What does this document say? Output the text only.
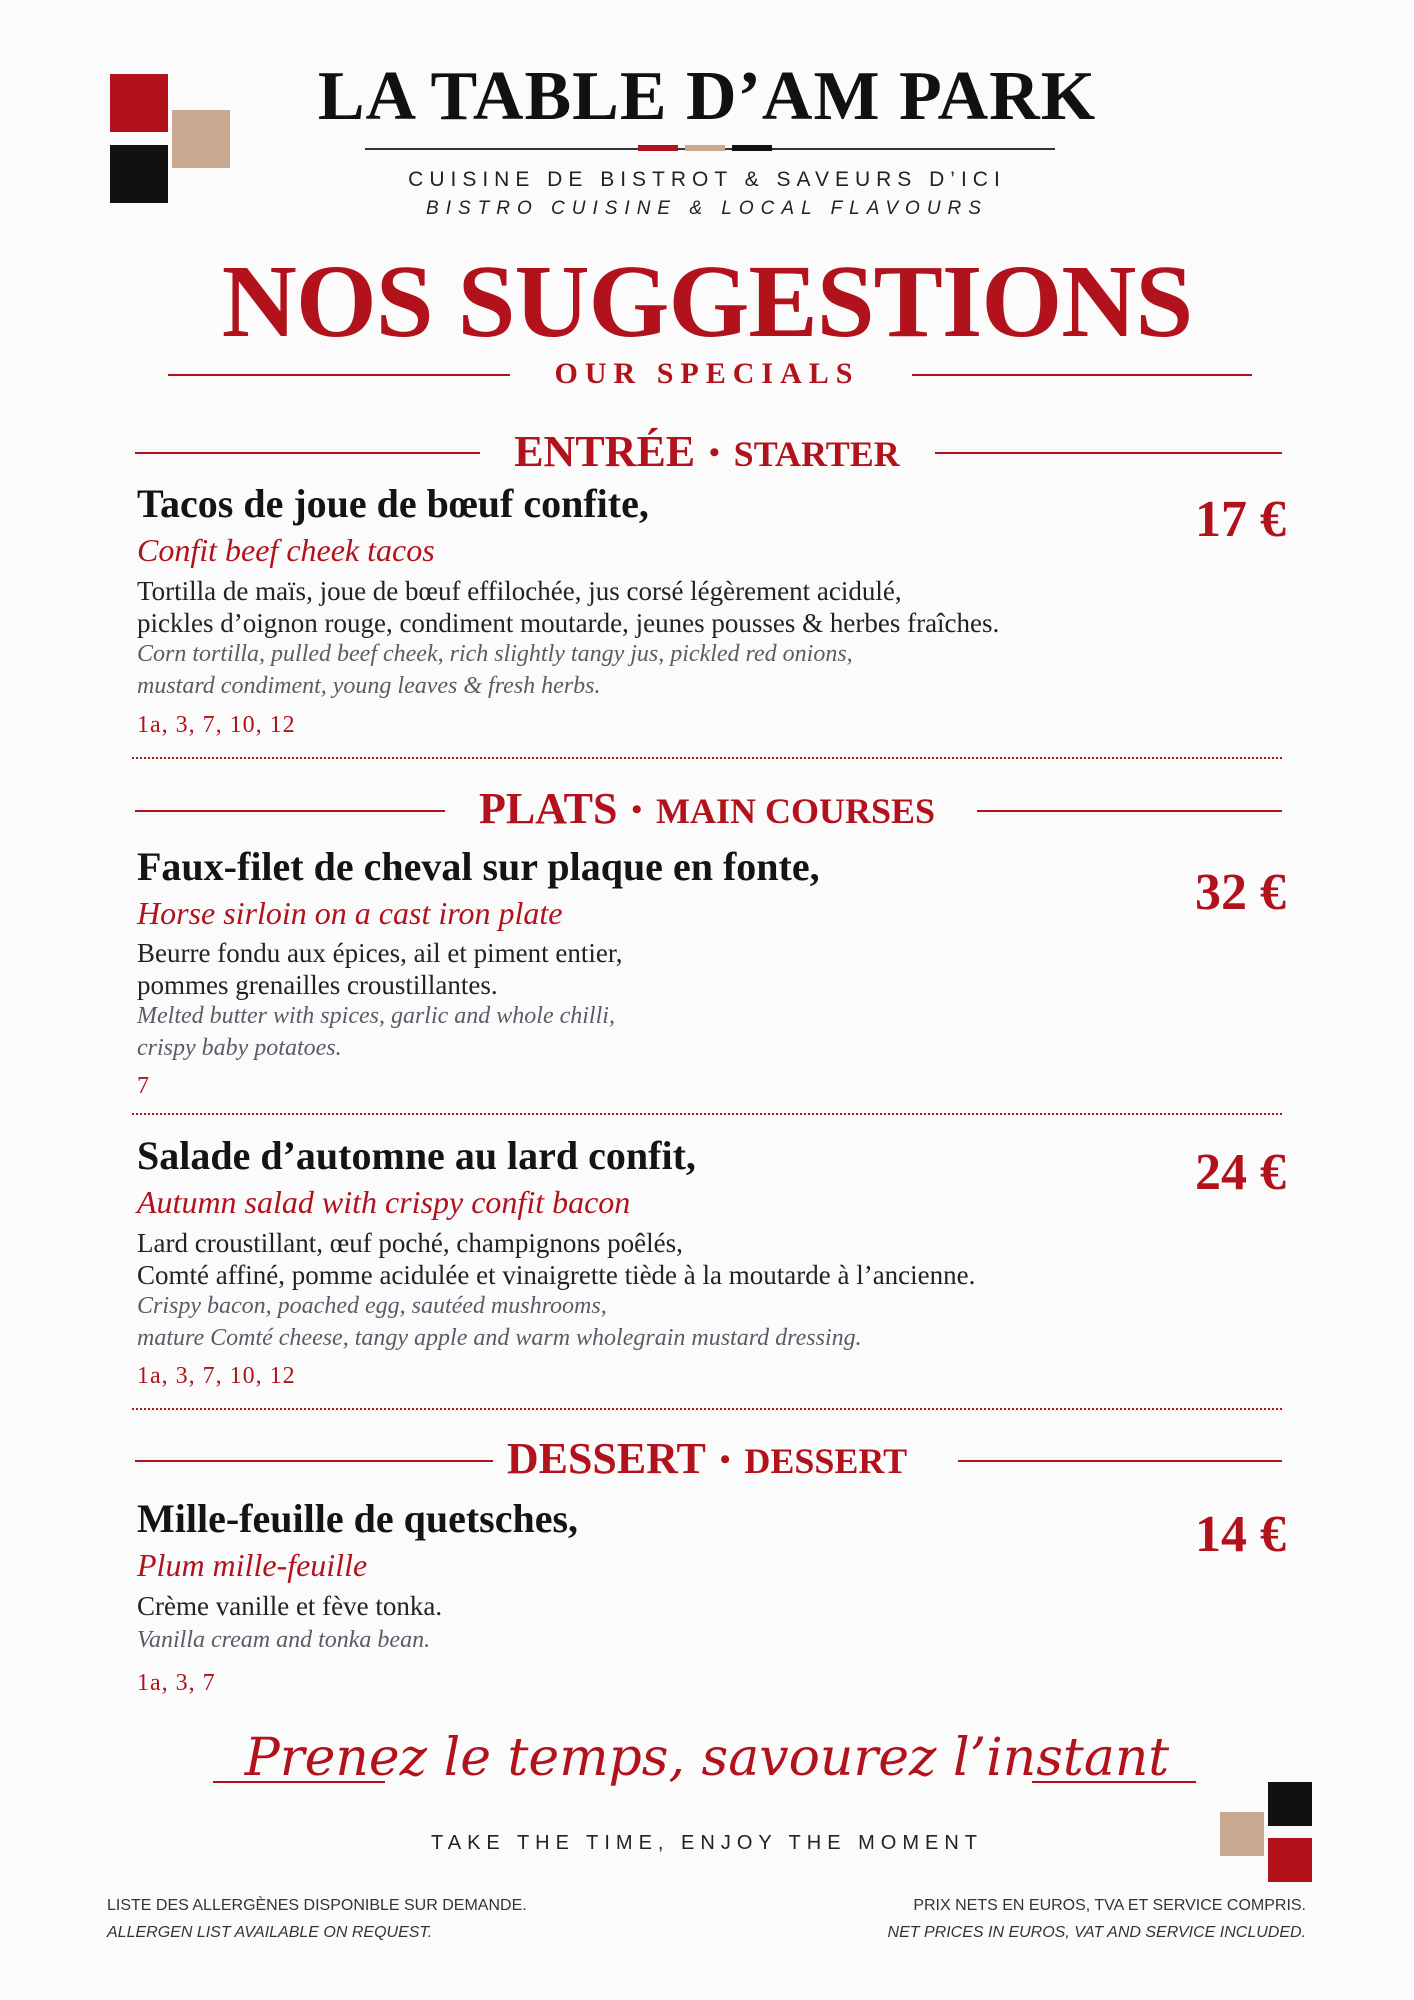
LA TABLE D’AM PARK
CUISINE DE BISTROT & SAVEURS D’ICI
BISTRO CUISINE & LOCAL FLAVOURS
NOS SUGGESTIONS
OUR SPECIALS
ENTRÉE • STARTER
Tacos de joue de bœuf confite,	17 €
Confit beef cheek tacos
Tortilla de maïs, joue de bœuf effilochée, jus corsé légèrement acidulé,
pickles d’oignon rouge, condiment moutarde, jeunes pousses & herbes fraîches.
Corn tortilla, pulled beef cheek, rich slightly tangy jus, pickled red onions,
mustard condiment, young leaves & fresh herbs.
1a, 3, 7, 10, 12
PLATS • MAIN COURSES
Faux-filet de cheval sur plaque en fonte,	32 €
Horse sirloin on a cast iron plate
Beurre fondu aux épices, ail et piment entier,
pommes grenailles croustillantes.
Melted butter with spices, garlic and whole chilli,
crispy baby potatoes.
7
Salade d’automne au lard confit,	24 €
Autumn salad with crispy confit bacon
Lard croustillant, œuf poché, champignons poêlés,
Comté affiné, pomme acidulée et vinaigrette tiède à la moutarde à l’ancienne.
Crispy bacon, poached egg, sautéed mushrooms,
mature Comté cheese, tangy apple and warm wholegrain mustard dressing.
1a, 3, 7, 10, 12
DESSERT • DESSERT
Mille-feuille de quetsches,	14 €
Plum mille-feuille
Crème vanille et fève tonka.
Vanilla cream and tonka bean.
1a, 3, 7
Prenez le temps, savourez l’instant
TAKE THE TIME, ENJOY THE MOMENT
LISTE DES ALLERGÈNES DISPONIBLE SUR DEMANDE.
ALLERGEN LIST AVAILABLE ON REQUEST.
PRIX NETS EN EUROS, TVA ET SERVICE COMPRIS.
NET PRICES IN EUROS, VAT AND SERVICE INCLUDED.
